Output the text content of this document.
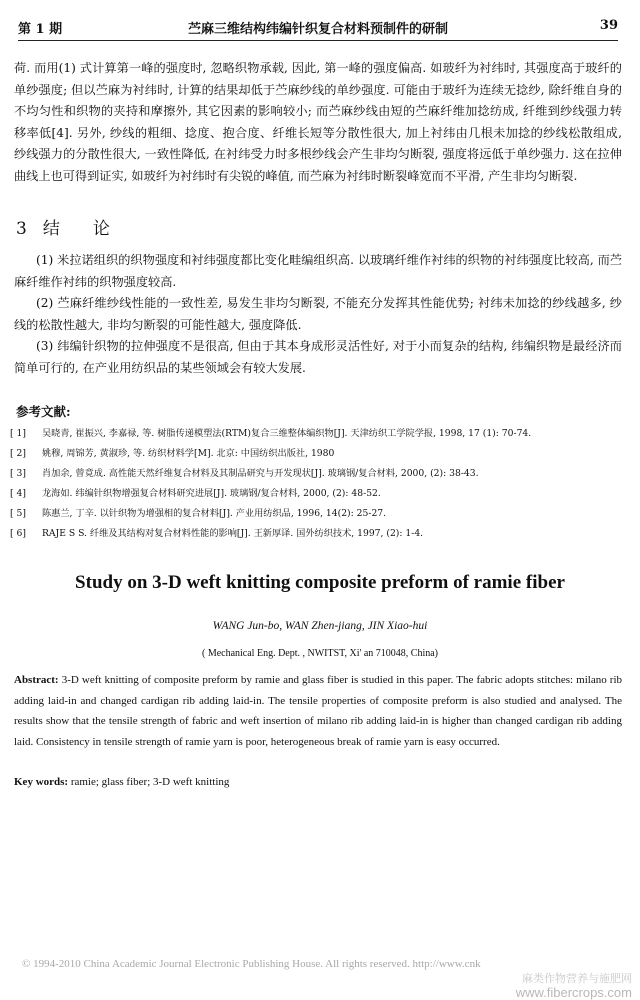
第 1 期	苎麻三维结构纬编针织复合材料预制件的研制	39
荷. 而用(1) 式计算第一峰的强度时, 忽略织物承载, 因此, 第一峰的强度偏高. 如玻纤为衬纬时, 其强度高于玻纤的单纱强度; 但以苎麻为衬纬时, 计算的结果却低于苎麻纱线的单纱强度. 可能由于玻纤为连续无捻纱, 除纤维自身的不均匀性和织物的夹持和摩擦外, 其它因素的影响较小; 而苎麻纱线由短的苎麻纤维加捻纺成, 纤维到纱线强力转移率低[4]. 另外, 纱线的粗细、捻度、抱合度、纤维长短等分散性很大, 加上衬纬由几根未加捻的纱线松散组成, 纱线强力的分散性很大, 一致性降低, 在衬纬受力时多根纱线会产生非均匀断裂, 强度将远低于单纱强力. 这在拉伸曲线上也可得到证实, 如玻纤为衬纬时有尖锐的峰值, 而苎麻为衬纬时断裂峰宽而不平滑, 产生非均匀断裂.
3 结　论

(1) 米拉诺组织的织物强度和衬纬强度都比变化畦编组织高. 以玻璃纤维作衬纬的织物的衬纬强度比较高, 而苎麻纤维作衬纬的织物强度较高.

(2) 苎麻纤维纱线性能的一致性差, 易发生非均匀断裂, 不能充分发挥其性能优势; 衬纬未加捻的纱线越多, 纱线的松散性越大, 非均匀断裂的可能性越大, 强度降低.

(3) 纬编针织物的拉伸强度不是很高, 但由于其本身成形灵活性好, 对于小而复杂的结构, 纬编织物是最经济而简单可行的, 在产业用纺织品的某些领域会有较大发展.

参考文献:
[ 1] 吴晓青, 崔振兴, 李嘉禄, 等. 树脂传递模塑法(RTM)复合三维整体编织物[J]. 天津纺织工学院学报, 1998, 17 (1): 70-74.
[ 2] 姚穆, 周锦芳, 黄淑珍, 等. 纺织材料学[M]. 北京: 中国纺织出版社, 1980
[ 3] 肖加余, 曾竟成. 高性能天然纤维复合材料及其制品研究与开发现状[J]. 玻璃钢/复合材料, 2000, (2): 38-43.
[ 4] 龙海如. 纬编针织物增强复合材料研究进展[J]. 玻璃钢/复合材料, 2000, (2): 48-52.
[ 5] 陈惠兰, 丁辛. 以针织物为增强相的复合材料[J]. 产业用纺织品, 1996, 14(2): 25-27.
[ 6] RAJE S S. 纤维及其结构对复合材料性能的影响[J]. 王新厚译. 国外纺织技术, 1997, (2): 1-4.
Study on 3-D weft knitting composite preform of ramie fiber
WANG Jun-bo, WAN Zhen-jiang, JIN Xiao-hui
( Mechanical Eng. Dept. , NWITST, Xi' an 710048, China)
Abstract: 3-D weft knitting of composite preform by ramie and glass fiber is studied in this paper. The fabric adopts stitches: milano rib adding laid-in and changed cardigan rib adding laid-in. The tensile properties of composite preform is also studied and analysed. The results show that the tensile strength of fabric and weft insertion of milano rib adding laid-in is higher than changed cardigan rib adding laid. Consistency in tensile strength of ramie yarn is poor, heterogeneous break of ramie yarn is easy occurred.
Key words: ramie; glass fiber; 3-D weft knitting
© 1994-2010 China Academic Journal Electronic Publishing House. All rights reserved. http://www.cnk
麻类作物营养与施肥网
www.fibercrops.com
